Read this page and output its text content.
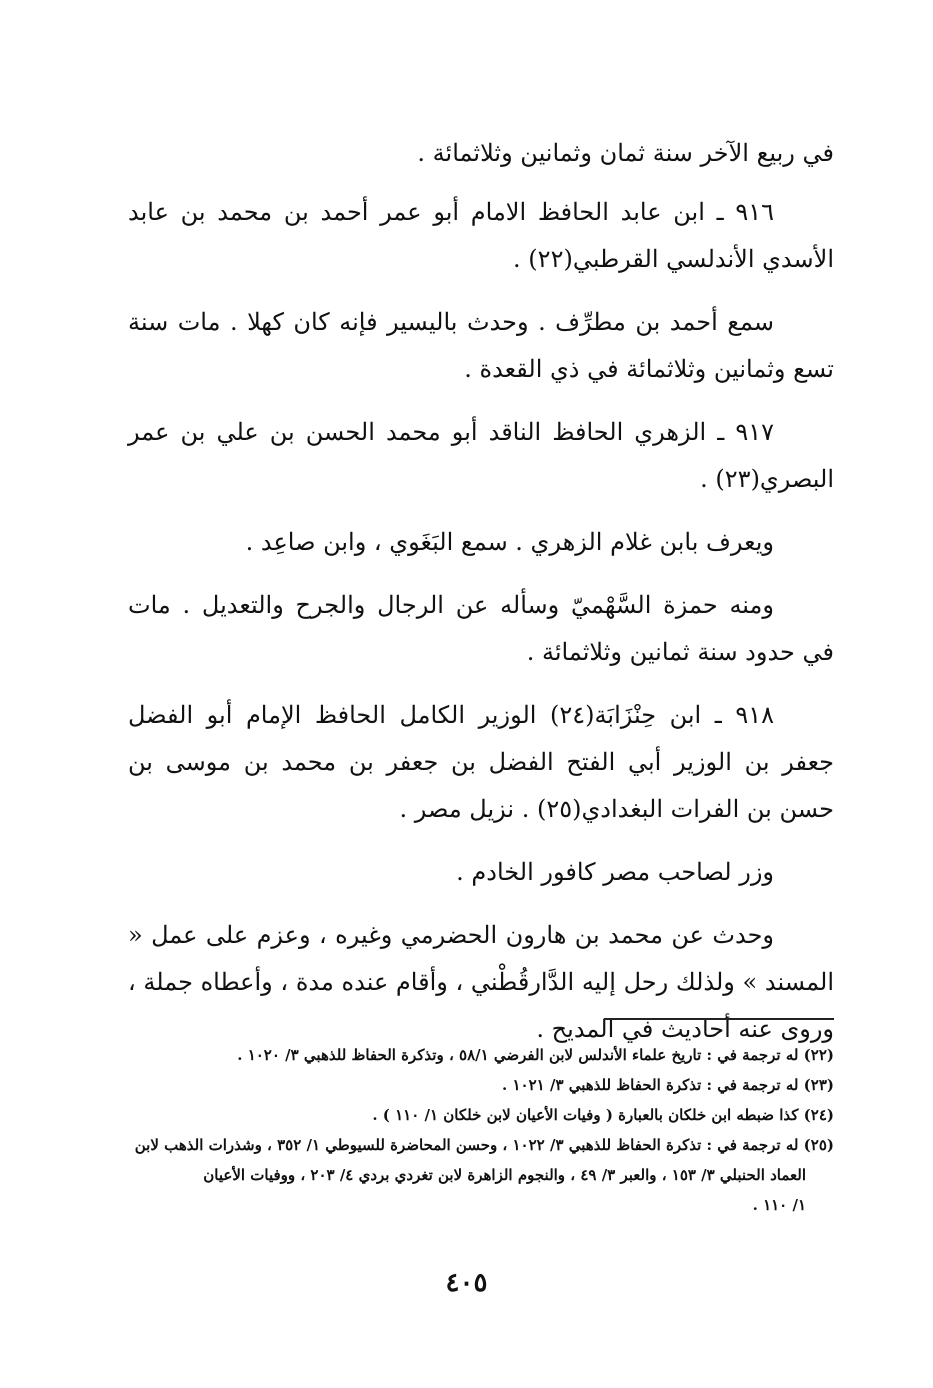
في ربيع الآخر سنة ثمان وثمانين وثلاثمائة .

٩١٦ ـ ابن عابد الحافظ الامام أبو عمر أحمد بن محمد بن عابد الأسدي الأندلسي القرطبي(٢٢) .

سمع أحمد بن مطرِّف . وحدث باليسير فإنه كان كهلا . مات سنة تسع وثمانين وثلاثمائة في ذي القعدة .

٩١٧ ـ الزهري الحافظ الناقد أبو محمد الحسن بن علي بن عمر البصري(٢٣) .

ويعرف بابن غلام الزهري . سمع البَغَوي ، وابن صاعِد .

ومنه حمزة السَّهْميّ وسأله عن الرجال والجرح والتعديل . مات في حدود سنة ثمانين وثلاثمائة .

٩١٨ ـ ابن حِنْزَابَة(٢٤) الوزير الكامل الحافظ الإمام أبو الفضل جعفر بن الوزير أبي الفتح الفضل بن جعفر بن محمد بن موسى بن حسن بن الفرات البغدادي(٢٥) . نزيل مصر .

وزر لصاحب مصر كافور الخادم .

وحدث عن محمد بن هارون الحضرمي وغيره ، وعزم على عمل « المسند » ولذلك رحل إليه الدَّارقُطْني ، وأقام عنده مدة ، وأعطاه جملة ، وروى عنه أحاديث في المديح .

(٢٢) له ترجمة في : تاريخ علماء الأندلس لابن الفرضي ٥٨/١ ، وتذكرة الحفاظ للذهبي ٣/ ١٠٢٠ .

(٢٣) له ترجمة في : تذكرة الحفاظ للذهبي ٣/ ١٠٢١ .

(٢٤) كذا ضبطه ابن خلكان بالعبارة ( وفيات الأعيان لابن خلكان ١/ ١١٠ ) .

(٢٥) له ترجمة في : تذكرة الحفاظ للذهبي ٣/ ١٠٢٢ ، وحسن المحاضرة للسيوطي ١/ ٣٥٢ ، وشذرات الذهب لابن
العماد الحنبلي ٣/ ١٥٣ ، والعبر ٣/ ٤٩ ، والنجوم الزاهرة لابن تغردي بردي ٤/ ٢٠٣ ، ووفيات الأعيان
١/ ١١٠ .

٤٠٥
